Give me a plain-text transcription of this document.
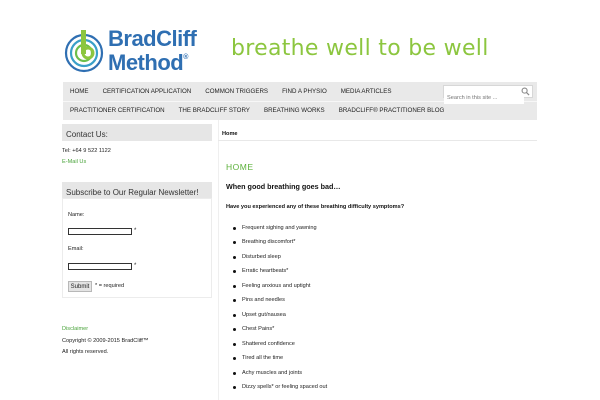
BradCliff
Method®	breathe well to be well
HOME	CERTIFICATION APPLICATION	COMMON TRIGGERS	FIND A PHYSIO	MEDIA ARTICLES
PRACTITIONER CERTIFICATION	THE BRADCLIFF STORY	BREATHING WORKS	BRADCLIFF® PRACTITIONER BLOG
Search in this site ...
Contact Us:
Tel: +64 9 522 1122
E-Mail Us
Subscribe to Our Regular Newsletter!
Name:
*
Email:
*
Submit	* = required
Disclaimer
Copyright © 2009-2015 BradCliff™
All rights reserved.
Home
HOME
When good breathing goes bad…
Have you experienced any of these breathing difficulty symptoms?
Frequent sighing and yawning
Breathing discomfort*
Disturbed sleep
Erratic heartbeats*
Feeling anxious and uptight
Pins and needles
Upset gut/nausea
Chest Pains*
Shattered confidence
Tired all the time
Achy muscles and joints
Dizzy spells* or feeling spaced out
